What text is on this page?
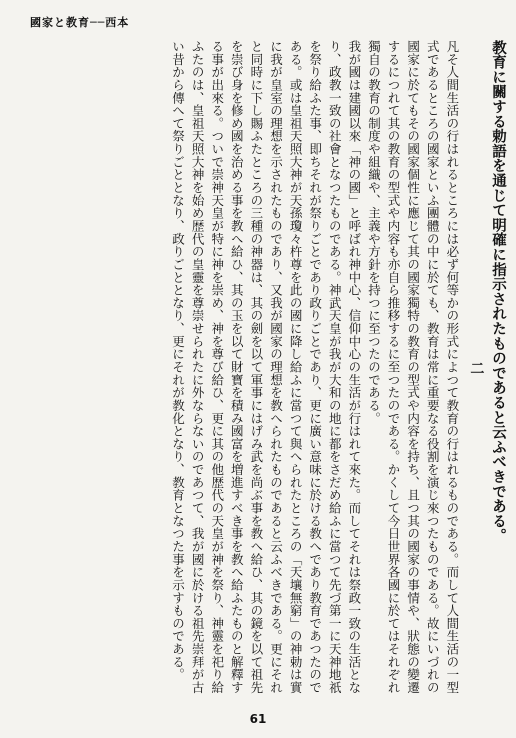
國家と教育──西本
教育に關する勅語を通じて明確に指示されたものであると云ふべきである。
二

凡そ人間生活の行はれるところには必ず何等かの形式によつて教育の行はれるものである。而して人間生活の一型式であるところの國家といふ團體の中に於ても、教育は常に重要なる役割を演じ來つたものである。故にいづれの國家に於てもその國家個性に應じて其の國家獨特の教育の型式や内容を持ち、且つ其の國家の事情や、狀態の變遷するにつれて其の教育の型式や内容も亦自ら推移するに至つたのである。かくして今日世界各國に於てはそれぞれ獨自の教育の制度や組織や、主義や方針を持つに至つたのである。

我が國は建國以來「神の國」と呼ばれ神中心、信仰中心の生活が行はれて來た。而してそれは祭政一致の生活となり、政教一致の社會となつたものである。神武天皇が我が大和の地に都をさだめ給ふに當つて先づ第一に天神地祇を祭り給ふた事、即ちそれが祭りごとであり政りごとであり、更に廣い意味に於ける教へであり教育であつたのである。或は皇祖天照大神が天孫瓊々杵尊を此の國に降し給ふに當つて與へられたところの「天壤無窮」の神勅は實に我が皇室の理想を示されたものであり、又我が國家の理想を教へられたものであると云ふべきである。更にそれと同時に下し賜ふたところの三種の神器は、其の劍を以て軍事にはげみ武を尚ぶ事を教へ給ひ、其の鏡を以て祖先を崇び身を修め國を治める事を教へ給ひ、其の玉を以て財寶を積み國富を増進すべき事を教へ給ふたものと解釋する事が出來る。ついで崇神天皇が特に神を崇め、神を尊び給ひ、更に其の他歴代の天皇が神を祭り、神靈を祀り給ふたのは、皇祖天照大神を始め歴代の皇靈を尊崇せられたに外ならないのであつて、我が國に於ける祖先崇拜が古い昔から傳へて祭りごととなり、政りごととなり、更にそれが教化となり、教育となつた事を示すものである。

61
